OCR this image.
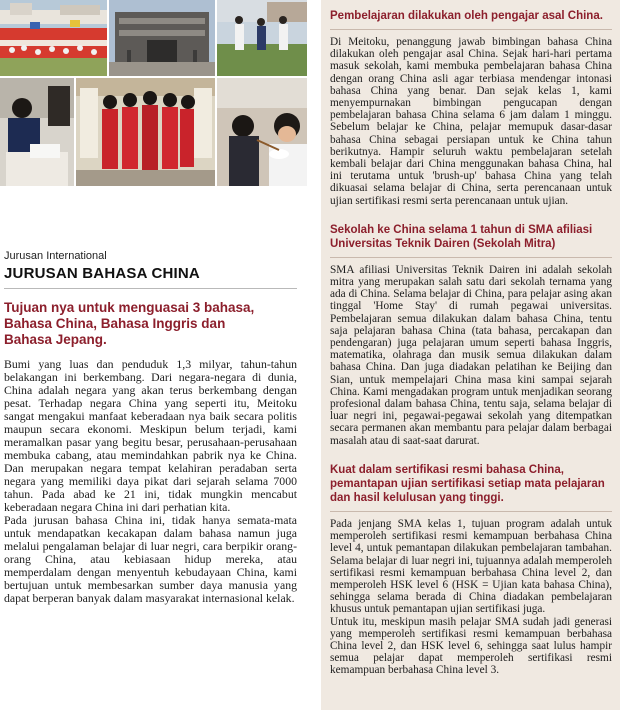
Jurusan International
JURUSAN BAHASA CHINA
Tujuan nya untuk menguasai 3 bahasa,
Bahasa China, Bahasa Inggris dan
Bahasa Jepang.

Bumi yang luas dan penduduk 1,3 milyar, tahun-tahun belakangan ini berkembang. Dari negara-negara di dunia, China adalah negara yang akan terus berkembang dengan pesat. Terhadap negara China yang seperti itu, Meitoku sangat mengakui manfaat keberadaan nya baik secara politis maupun secara ekonomi. Meskipun belum terjadi, kami meramalkan pasar yang begitu besar, perusahaan-perusahaan membuka cabang, atau memindahkan pabrik nya ke China. Dan merupakan negara tempat kelahiran peradaban serta negara yang memiliki daya pikat dari sejarah selama 7000 tahun. Pada abad ke 21 ini, tidak mungkin mencabut keberadaan negara China ini dari perhatian kita.

Pada jurusan bahasa China ini, tidak hanya semata-mata untuk mendapatkan kecakapan dalam bahasa namun juga melalui pengalaman belajar di luar negri, cara berpikir orang-orang China, atau kebiasaan hidup mereka, atau memperdalam dengan menyentuh kebudayaan China, kami bertujuan untuk membesarkan sumber daya manusia yang dapat berperan banyak dalam masyarakat internasional kelak.

Pembelajaran dilakukan oleh pengajar asal China.

Di Meitoku, penanggung jawab bimbingan bahasa China dilakukan oleh pengajar asal China. Sejak hari-hari pertama masuk sekolah, kami membuka pembelajaran bahasa China dengan orang China asli agar terbiasa mendengar intonasi bahasa China yang benar. Dan sejak kelas 1, kami menyempurnakan bimbingan pengucapan dengan pembelajaran bahasa China selama 6 jam dalam 1 minggu. Sebelum belajar ke China, pelajar memupuk dasar-dasar bahasa China sebagai persiapan untuk ke China tahun berikutnya. Hampir seluruh waktu pembelajaran setelah kembali belajar dari China menggunakan bahasa China, hal ini terutama untuk 'brush-up' bahasa China yang telah dikuasai selama belajar di China, serta perencanaan untuk ujian sertifikasi resmi serta perencanaan untuk ujian.

Sekolah ke China selama 1 tahun di SMA afiliasi
Universitas Teknik Dairen (Sekolah Mitra)

SMA afiliasi Universitas Teknik Dairen ini adalah sekolah mitra yang merupakan salah satu dari sekolah ternama yang ada di China. Selama belajar di China, para pelajar asing akan tinggal 'Home Stay' di rumah pegawai universitas. Pembelajaran semua dilakukan dalam bahasa China, tentu saja pelajaran bahasa China (tata bahasa, percakapan dan pendengaran) juga pelajaran umum seperti bahasa Inggris, matematika, olahraga dan musik semua dilakukan dalam bahasa China. Dan juga diadakan pelatihan ke Beijing dan Sian, untuk mempelajari China masa kini sampai sejarah China. Kami mengadakan program untuk menjadikan seorang profesional dalam bahasa China, tentu saja, selama belajar di luar negri ini, pegawai-pegawai sekolah yang ditempatkan secara permanen akan membantu para pelajar dalam berbagai masalah atau di saat-saat darurat.

Kuat dalam sertifikasi resmi bahasa China,
pemantapan ujian sertifikasi setiap mata pelajaran
dan hasil kelulusan yang tinggi.

Pada jenjang SMA kelas 1, tujuan program adalah untuk memperoleh sertifikasi resmi kemampuan berbahasa China level 4, untuk pemantapan dilakukan pembelajaran tambahan. Selama belajar di luar negri ini, tujuannya adalah memperoleh sertifikasi resmi kemampuan berbahasa China level 2, dan memperoleh HSK level 6 (HSK = Ujian kata bahasa China), sehingga selama berada di China diadakan pembelajaran khusus untuk pemantapan ujian sertifikasi juga.

Untuk itu, meskipun masih pelajar SMA sudah jadi generasi yang memperoleh sertifikasi resmi kemampuan berbahasa China level 2, dan HSK level 6, sehingga saat lulus hampir semua pelajar dapat memperoleh sertifikasi resmi kemampuan berbahasa China level 3.
